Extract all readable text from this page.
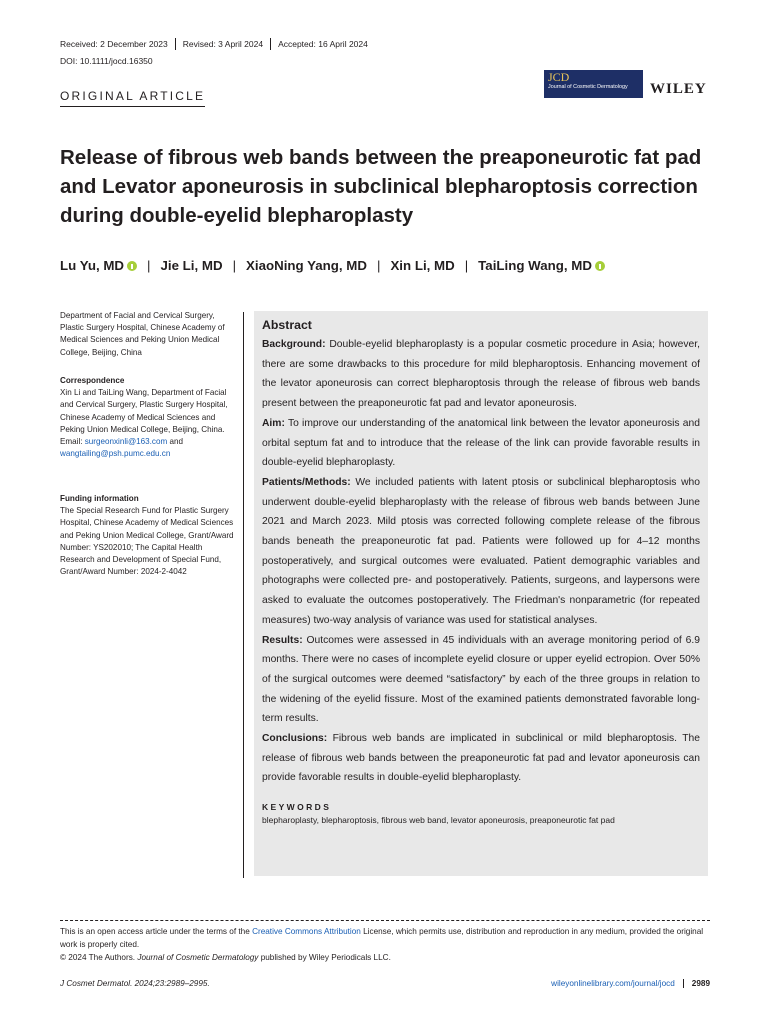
Received: 2 December 2023	Revised: 3 April 2024	Accepted: 16 April 2024
DOI: 10.1111/jocd.16350
ORIGINAL ARTICLE
JCD
Journal of Cosmetic Dermatology WILEY
Release of fibrous web bands between the preaponeurotic fat pad and Levator aponeurosis in subclinical blepharoptosis correction during double-eyelid blepharoplasty
Lu Yu, MD | Jie Li, MD | XiaoNing Yang, MD | Xin Li, MD | TaiLing Wang, MD
Department of Facial and Cervical Surgery, Plastic Surgery Hospital, Chinese Academy of Medical Sciences and Peking Union Medical College, Beijing, China
Correspondence
Xin Li and TaiLing Wang, Department of Facial and Cervical Surgery, Plastic Surgery Hospital, Chinese Academy of Medical Sciences and Peking Union Medical College, Beijing, China.
Email: surgeonxinli@163.com and wangtailing@psh.pumc.edu.cn
Funding information
The Special Research Fund for Plastic Surgery Hospital, Chinese Academy of Medical Sciences and Peking Union Medical College, Grant/Award Number: YS202010; The Capital Health Research and Development of Special Fund, Grant/Award Number: 2024-2-4042
Abstract

Background: Double-eyelid blepharoplasty is a popular cosmetic procedure in Asia; however, there are some drawbacks to this procedure for mild blepharoptosis. Enhancing movement of the levator aponeurosis can correct blepharoptosis through the release of fibrous web bands present between the preaponeurotic fat pad and levator aponeurosis.

Aim: To improve our understanding of the anatomical link between the levator aponeurosis and orbital septum fat and to introduce that the release of the link can provide favorable results in double-eyelid blepharoplasty.

Patients/Methods: We included patients with latent ptosis or subclinical blepharoptosis who underwent double-eyelid blepharoplasty with the release of fibrous web bands between June 2021 and March 2023. Mild ptosis was corrected following complete release of the fibrous bands beneath the preaponeurotic fat pad. Patients were followed up for 4–12 months postoperatively, and surgical outcomes were evaluated. Patient demographic variables and photographs were collected pre- and postoperatively. Patients, surgeons, and laypersons were asked to evaluate the outcomes postoperatively. The Friedman's nonparametric (for repeated measures) two-way analysis of variance was used for statistical analyses.

Results: Outcomes were assessed in 45 individuals with an average monitoring period of 6.9 months. There were no cases of incomplete eyelid closure or upper eyelid ectropion. Over 50% of the surgical outcomes were deemed “satisfactory” by each of the three groups in relation to the widening of the eyelid fissure. Most of the examined patients demonstrated favorable long-term results.

Conclusions: Fibrous web bands are implicated in subclinical or mild blepharoptosis. The release of fibrous web bands between the preaponeurotic fat pad and levator aponeurosis can provide favorable results in double-eyelid blepharoplasty.

KEYWORDS
blepharoplasty, blepharoptosis, fibrous web band, levator aponeurosis, preaponeurotic fat pad
This is an open access article under the terms of the Creative Commons Attribution License, which permits use, distribution and reproduction in any medium, provided the original work is properly cited.
© 2024 The Authors. Journal of Cosmetic Dermatology published by Wiley Periodicals LLC.
J Cosmet Dermatol. 2024;23:2989–2995.	wileyonlinelibrary.com/journal/jocd	2989
